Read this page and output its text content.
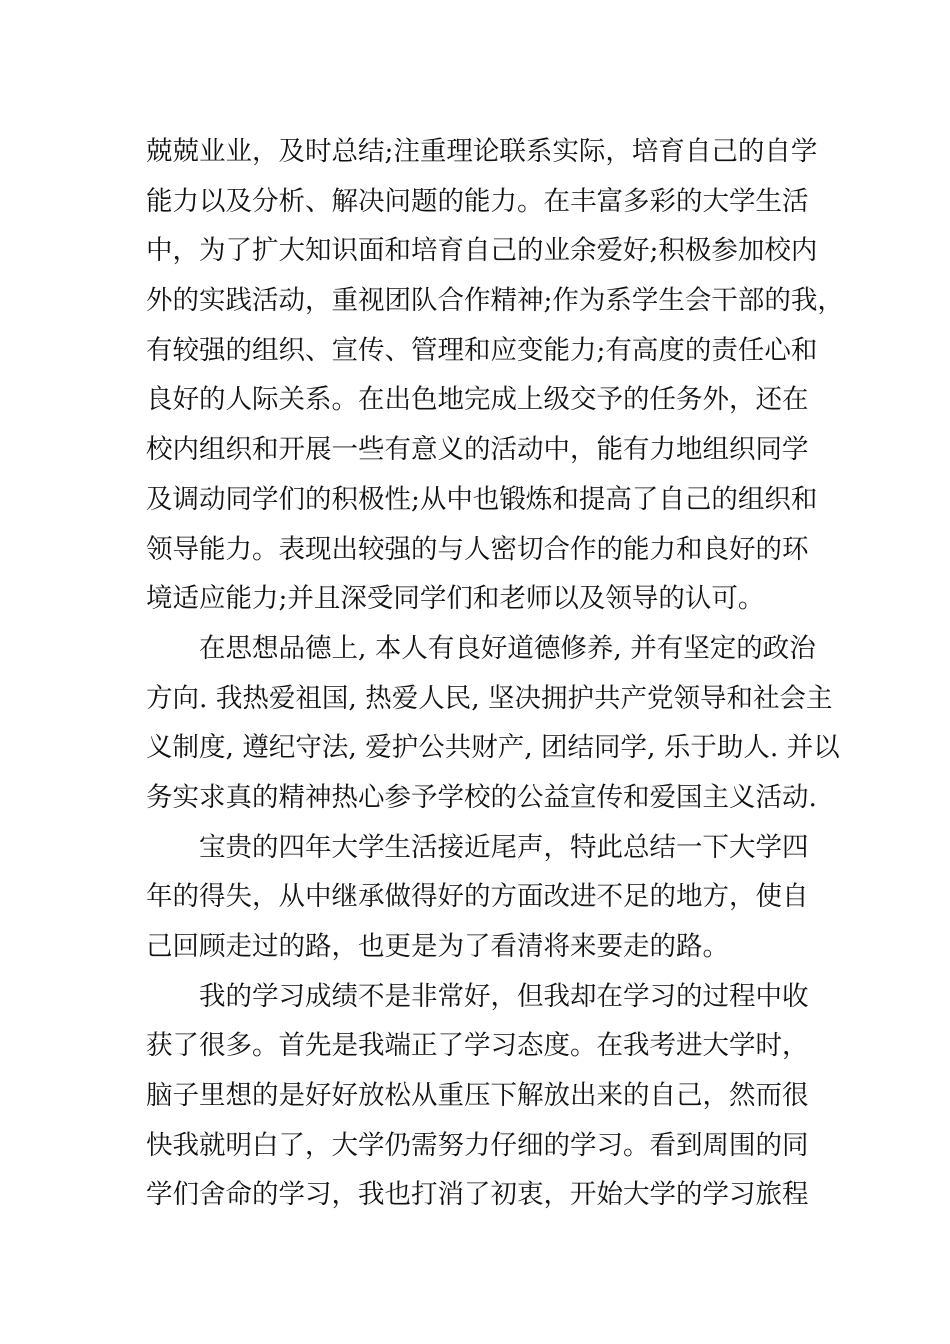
兢兢业业，及时总结;注重理论联系实际，培育自己的自学
能力以及分析、解决问题的能力。在丰富多彩的大学生活
中，为了扩大知识面和培育自己的业余爱好;积极参加校内
外的实践活动，重视团队合作精神;作为系学生会干部的我，
有较强的组织、宣传、管理和应变能力;有高度的责任心和
良好的人际关系。在出色地完成上级交予的任务外，还在
校内组织和开展一些有意义的活动中，能有力地组织同学
及调动同学们的积极性;从中也锻炼和提高了自己的组织和
领导能力。表现出较强的与人密切合作的能力和良好的环
境适应能力;并且深受同学们和老师以及领导的认可。
　　在思想品德上, 本人有良好道德修养, 并有坚定的政治
方向. 我热爱祖国, 热爱人民, 坚决拥护共产党领导和社会主
义制度, 遵纪守法, 爱护公共财产, 团结同学, 乐于助人. 并以
务实求真的精神热心参予学校的公益宣传和爱国主义活动.
　　宝贵的四年大学生活接近尾声，特此总结一下大学四
年的得失，从中继承做得好的方面改进不足的地方，使自
己回顾走过的路，也更是为了看清将来要走的路。
　　我的学习成绩不是非常好，但我却在学习的过程中收
获了很多。首先是我端正了学习态度。在我考进大学时，
脑子里想的是好好放松从重压下解放出来的自己，然而很
快我就明白了，大学仍需努力仔细的学习。看到周围的同
学们舍命的学习，我也打消了初衷，开始大学的学习旅程
